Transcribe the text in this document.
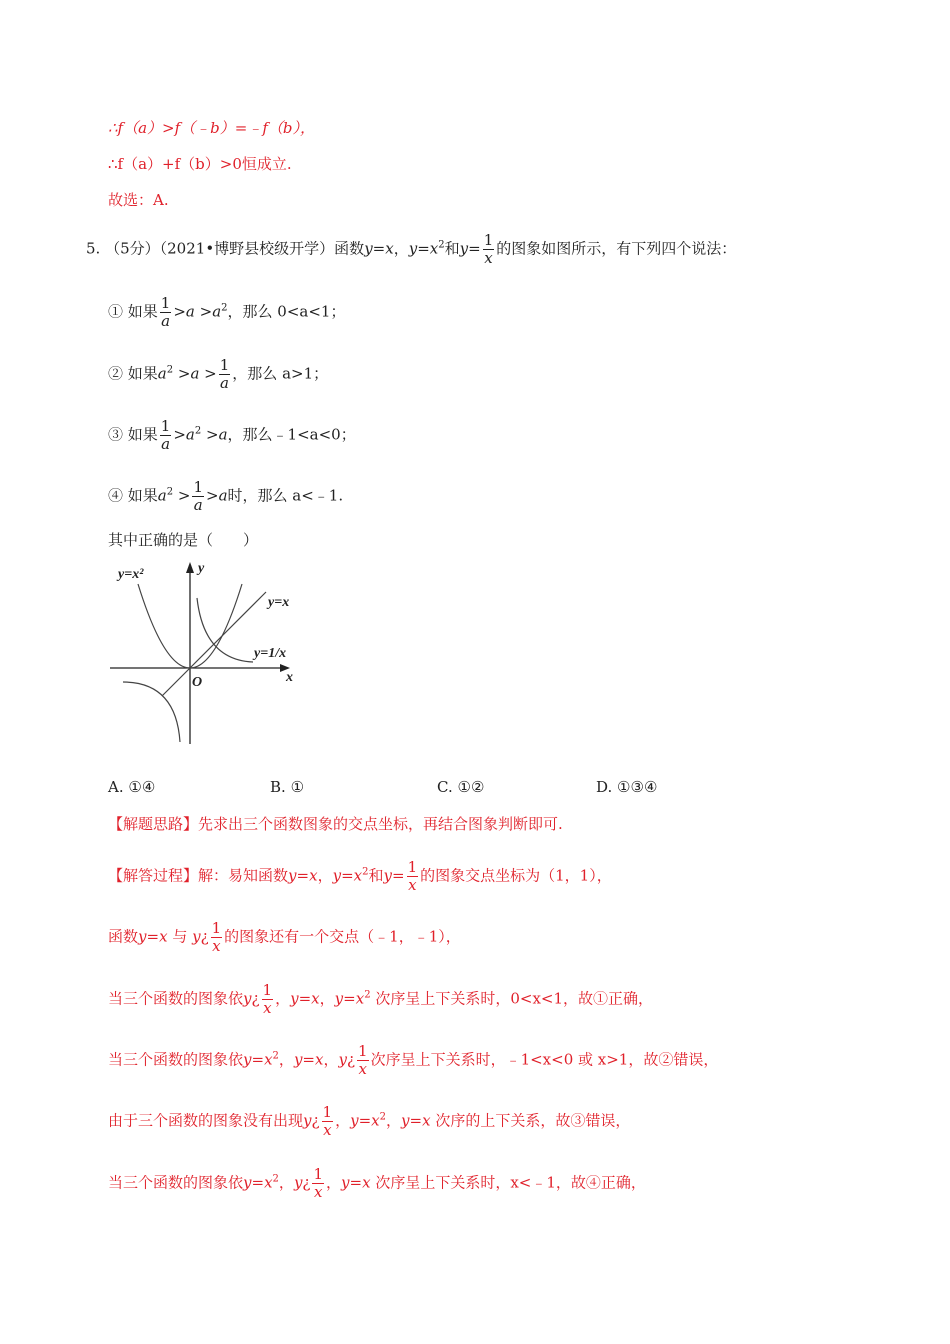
∴f（a）>f（﹣b）=﹣f（b），
∴f（a）+f（b）>0恒成立.
故选：A.
5. （5分）（2021•博野县校级开学）函数y=x，$y=x^2$和$y= \frac{1}{x}$ 的图象如图所示，有下列四个说法：
① 如果 $\frac{1}{a} >a >a^2$，那么 0<a<1；
② 如果$a^2 >a > \frac{1}{a}$ ，那么 a>1；
③ 如果 $\frac{1}{a} >a^2 >a$，那么﹣1<a<0；
④ 如果$a^2 > \frac{1}{a} >a$时，那么 a<﹣1.
其中正确的是（　　）
y=x²	y
y=x
y=1/x
O	x
A. ①④	B. ①	C. ①②	D. ①③④
【解题思路】先求出三个函数图象的交点坐标，再结合图象判断即可.
【解答过程】解：易知函数y=x，$y=x^2$和$y= \frac{1}{x}$ 的图象交点坐标为（1，1），
函数y=x 与 y¿ $\frac{1}{x}$ 的图象还有一个交点（﹣1，﹣1），
当三个函数的图象依y¿ $\frac{1}{x}$ ，y=x，$y=x^2$ 次序呈上下关系时，0<x<1，故①正确，
当三个函数的图象依$y=x^2$，y=x，y¿ $\frac{1}{x}$ 次序呈上下关系时，﹣1<x<0 或 x>1，故②错误，
由于三个函数的图象没有出现y¿ $\frac{1}{x}$ ，$y=x^2$，y=x 次序的上下关系，故③错误，
当三个函数的图象依$y=x^2$，y¿ $\frac{1}{x}$ ，y=x 次序呈上下关系时，x<﹣1，故④正确，
